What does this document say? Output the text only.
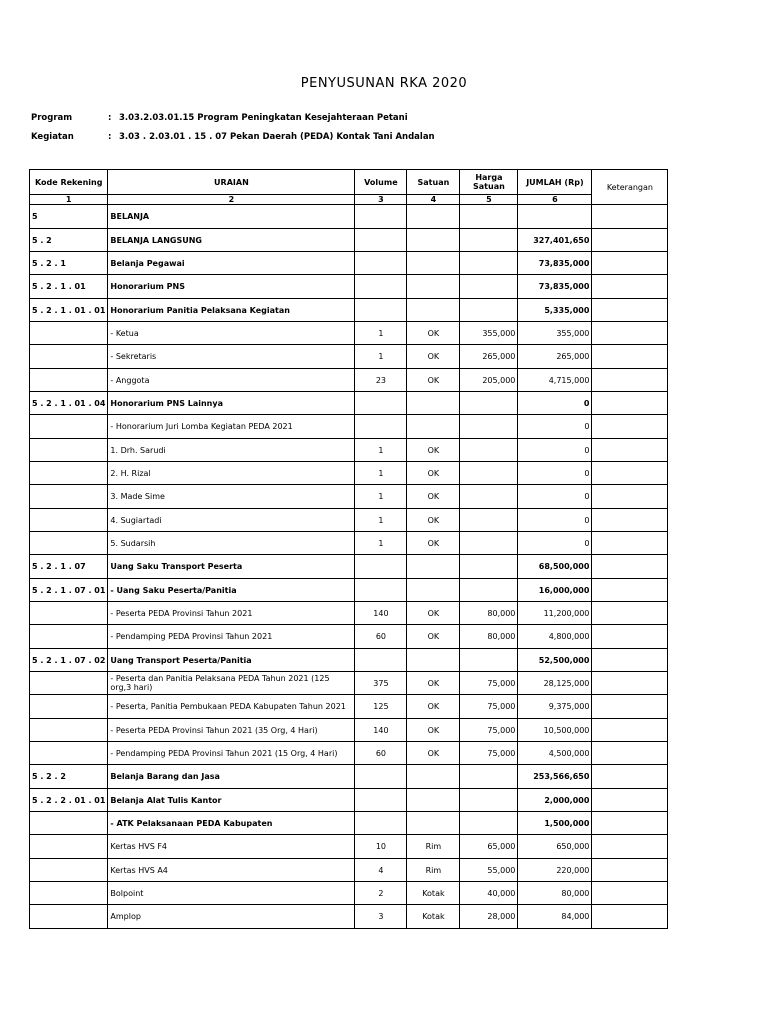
PENYUSUNAN RKA 2020
Program	: 3.03.2.03.01.15 Program Peningkatan Kesejahteraan Petani
Kegiatan	: 3.03 . 2.03.01 . 15 . 07 Pekan Daerah (PEDA) Kontak Tani Andalan
Kode Rekening	URAIAN	Volume	Satuan	Harga Satuan	JUMLAH (Rp)	Keterangan
1	2	3	4	5	6	
5	BELANJA					
5 . 2	BELANJA LANGSUNG				327,401,650	
5 . 2 . 1	Belanja Pegawai				73,835,000	
5 . 2 . 1 . 01	Honorarium PNS				73,835,000	
5 . 2 . 1 . 01 . 01	Honorarium Panitia Pelaksana Kegiatan				5,335,000	
	- Ketua	1	OK	355,000	355,000	
	- Sekretaris	1	OK	265,000	265,000	
	- Anggota	23	OK	205,000	4,715,000	
5 . 2 . 1 . 01 . 04	Honorarium PNS Lainnya				0	
	- Honorarium Juri Lomba Kegiatan PEDA 2021				0	
	1. Drh. Sarudi	1	OK		0	
	2. H. Rizal	1	OK		0	
	3. Made Sime	1	OK		0	
	4. Sugiartadi	1	OK		0	
	5. Sudarsih	1	OK		0	
5 . 2 . 1 . 07	Uang Saku Transport Peserta				68,500,000	
5 . 2 . 1 . 07 . 01	- Uang Saku Peserta/Panitia				16,000,000	
	- Peserta PEDA Provinsi Tahun 2021	140	OK	80,000	11,200,000	
	- Pendamping PEDA Provinsi Tahun 2021	60	OK	80,000	4,800,000	
5 . 2 . 1 . 07 . 02	Uang Transport Peserta/Panitia				52,500,000	
	- Peserta dan Panitia Pelaksana PEDA Tahun 2021 (125 org,3 hari)	375	OK	75,000	28,125,000	
	- Peserta, Panitia Pembukaan PEDA Kabupaten Tahun 2021	125	OK	75,000	9,375,000	
	- Peserta PEDA Provinsi Tahun 2021 (35 Org, 4 Hari)	140	OK	75,000	10,500,000	
	- Pendamping PEDA Provinsi Tahun 2021 (15 Org, 4 Hari)	60	OK	75,000	4,500,000	
5 . 2 . 2	Belanja Barang dan Jasa				253,566,650	
5 . 2 . 2 . 01 . 01	Belanja Alat Tulis Kantor				2,000,000	
	- ATK Pelaksanaan PEDA Kabupaten				1,500,000	
	Kertas HVS F4	10	Rim	65,000	650,000	
	Kertas HVS A4	4	Rim	55,000	220,000	
	Bolpoint	2	Kotak	40,000	80,000	
	Amplop	3	Kotak	28,000	84,000	
